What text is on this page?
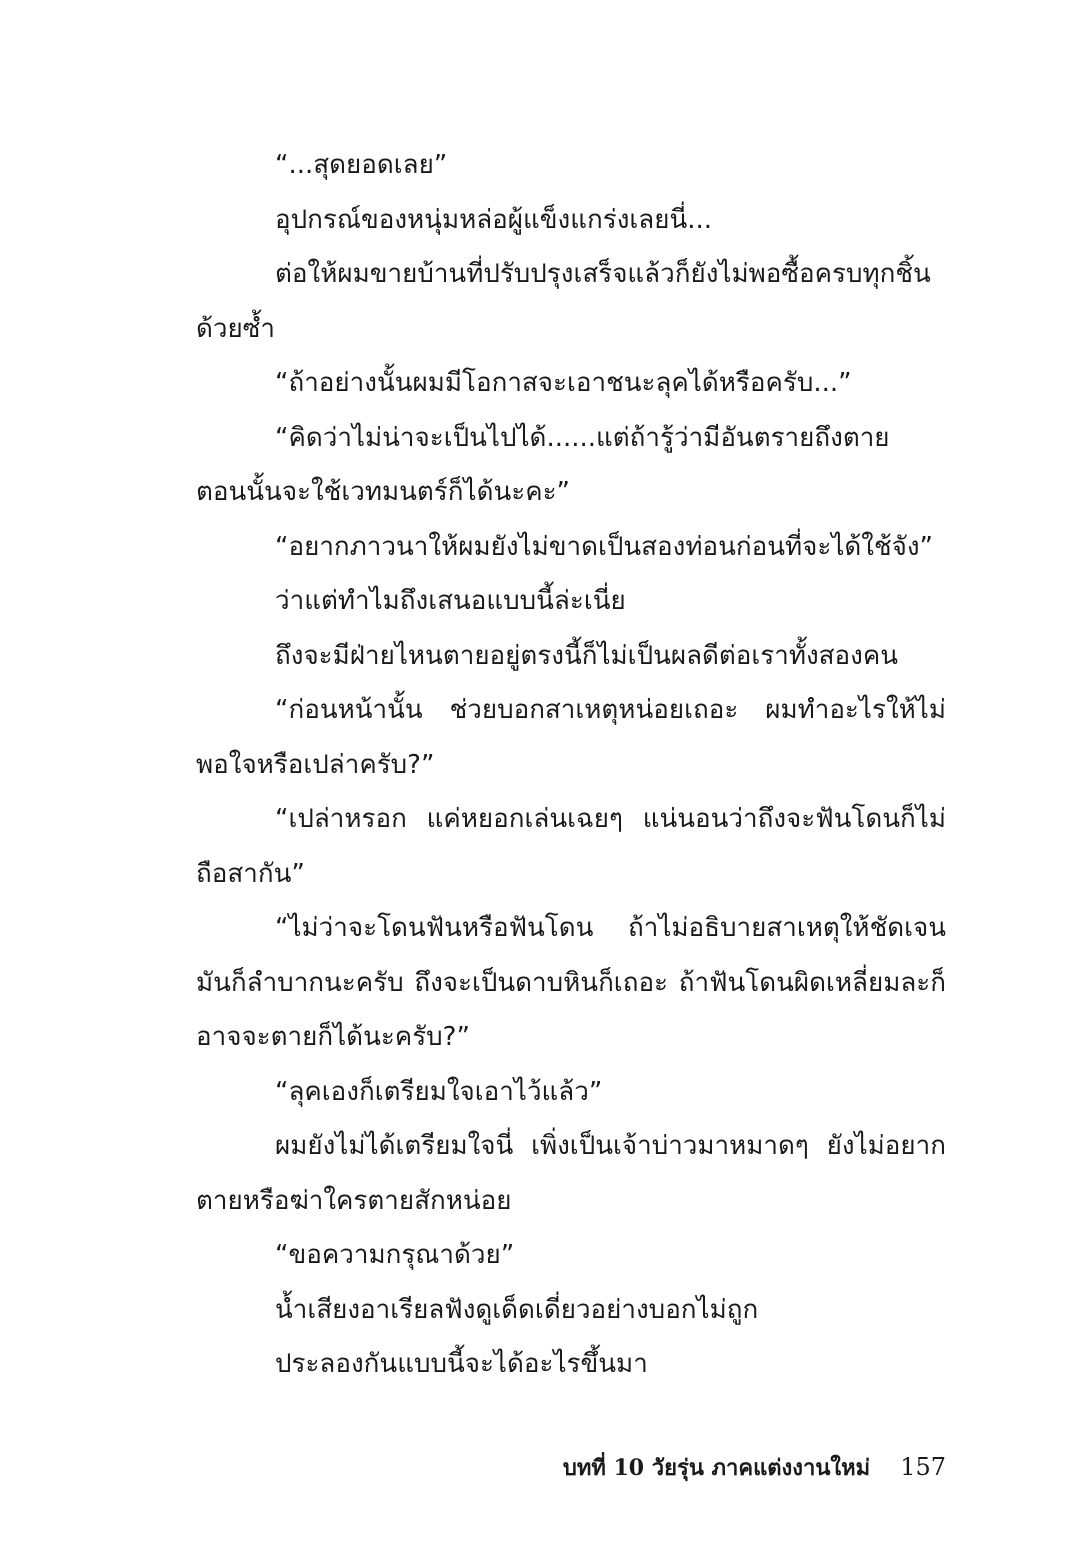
“...สุดยอดเลย”

อุปกรณ์ของหนุ่มหล่อผู้แข็งแกร่งเลยนี่...

ต่อให้ผมขายบ้านที่ปรับปรุงเสร็จแล้วก็ยังไม่พอซื้อครบทุกชิ้นด้วยซ้ำ

“ถ้าอย่างนั้นผมมีโอกาสจะเอาชนะลุคได้หรือครับ...”

“คิดว่าไม่น่าจะเป็นไปได้......แต่ถ้ารู้ว่ามีอันตรายถึงตาย ตอนนั้นจะใช้เวทมนตร์ก็ได้นะคะ”

“อยากภาวนาให้ผมยังไม่ขาดเป็นสองท่อนก่อนที่จะได้ใช้จัง”

ว่าแต่ทำไมถึงเสนอแบบนี้ล่ะเนี่ย

ถึงจะมีฝ่ายไหนตายอยู่ตรงนี้ก็ไม่เป็นผลดีต่อเราทั้งสองคน

“ก่อนหน้านั้น ช่วยบอกสาเหตุหน่อยเถอะ ผมทำอะไรให้ไม่พอใจหรือเปล่าครับ?”

“เปล่าหรอก แค่หยอกเล่นเฉยๆ แน่นอนว่าถึงจะฟันโดนก็ไม่ถือสากัน”

“ไม่ว่าจะโดนฟันหรือฟันโดน ถ้าไม่อธิบายสาเหตุให้ชัดเจนมันก็ลำบากนะครับ ถึงจะเป็นดาบหินก็เถอะ ถ้าฟันโดนผิดเหลี่ยมละก็อาจจะตายก็ได้นะครับ?”

“ลุคเองก็เตรียมใจเอาไว้แล้ว”

ผมยังไม่ได้เตรียมใจนี่ เพิ่งเป็นเจ้าบ่าวมาหมาดๆ ยังไม่อยากตายหรือฆ่าใครตายสักหน่อย

“ขอความกรุณาด้วย”

น้ำเสียงอาเรียลฟังดูเด็ดเดี่ยวอย่างบอกไม่ถูก

ประลองกันแบบนี้จะได้อะไรขึ้นมา

บทที่ 10 วัยรุ่น ภาคแต่งงานใหม่ 157
